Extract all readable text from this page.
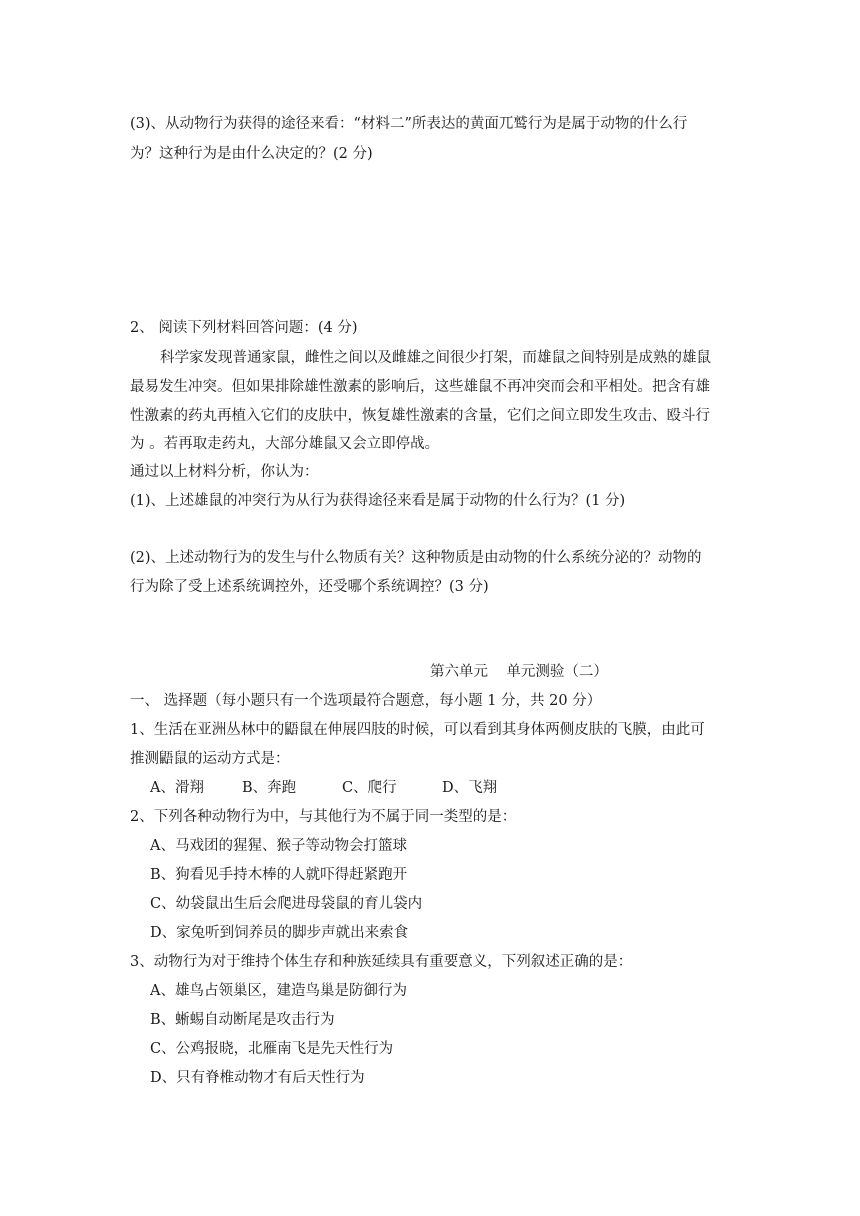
(3)、从动物行为获得的途径来看：“材料二”所表达的黄面兀鹫行为是属于动物的什么行
为？这种行为是由什么决定的？(2 分)
2、 阅读下列材料回答问题：(4 分)
科学家发现普通家鼠，雌性之间以及雌雄之间很少打架，而雄鼠之间特别是成熟的雄鼠
最易发生冲突。但如果排除雄性激素的影响后，这些雄鼠不再冲突而会和平相处。把含有雄
性激素的药丸再植入它们的皮肤中，恢复雄性激素的含量，它们之间立即发生攻击、殴斗行
为 。若再取走药丸，大部分雄鼠又会立即停战。
通过以上材料分析，你认为：
(1)、上述雄鼠的冲突行为从行为获得途径来看是属于动物的什么行为？(1 分)
(2)、上述动物行为的发生与什么物质有关？这种物质是由动物的什么系统分泌的？动物的
行为除了受上述系统调控外，还受哪个系统调控？(3 分)
第六单元    单元测验（二）
一、 选择题（每小题只有一个选项最符合题意，每小题 1 分，共 20 分）
1、生活在亚洲丛林中的鼯鼠在伸展四肢的时候，可以看到其身体两侧皮肤的飞膜，由此可
推测鼯鼠的运动方式是：
A、滑翔	B、奔跑	C、爬行	D、飞翔
2、下列各种动物行为中，与其他行为不属于同一类型的是：
A、马戏团的猩猩、猴子等动物会打篮球
B、狗看见手持木棒的人就吓得赶紧跑开
C、幼袋鼠出生后会爬进母袋鼠的育儿袋内
D、家兔听到饲养员的脚步声就出来索食
3、动物行为对于维持个体生存和种族延续具有重要意义，下列叙述正确的是：
A、雄鸟占领巢区，建造鸟巢是防御行为
B、蜥蜴自动断尾是攻击行为
C、公鸡报晓，北雁南飞是先天性行为
D、只有脊椎动物才有后天性行为
